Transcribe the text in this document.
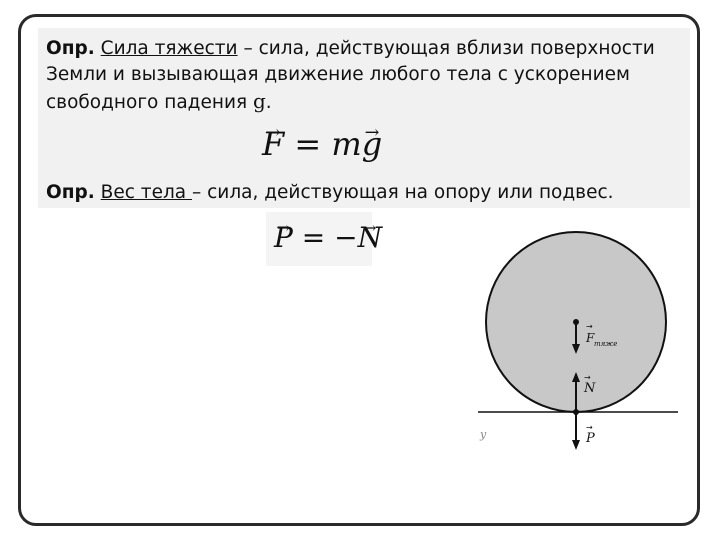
Опр. Сила тяжести – сила, действующая вблизи поверхности
Земли и вызывающая движение любого тела с ускорением
свободного падения g.
→ F = m→ g
Опр. Вес тела – сила, действующая на опору или подвес.
→ P = −→ N
y
F
→
тяже
N
→
P
→
